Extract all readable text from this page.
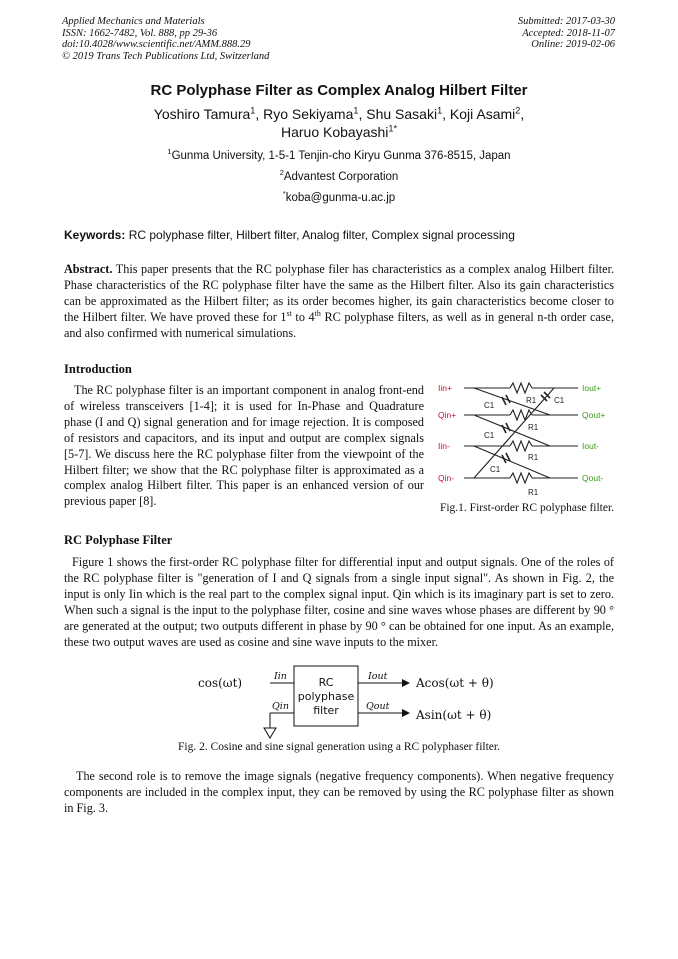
Applied Mechanics and Materials
ISSN: 1662-7482, Vol. 888, pp 29-36
doi:10.4028/www.scientific.net/AMM.888.29
© 2019 Trans Tech Publications Ltd, Switzerland
Submitted: 2017-03-30
Accepted: 2018-11-07
Online: 2019-02-06
RC Polyphase Filter as Complex Analog Hilbert Filter
Yoshiro Tamura$^1$, Ryo Sekiyama$^1$, Shu Sasaki$^1$, Koji Asami$^2$,
Haruo Kobayashi$^{1*}$
$^1$Gunma University, 1-5-1 Tenjin-cho Kiryu Gunma 376-8515, Japan
$^2$Advantest Corporation
*koba@gunma-u.ac.jp
Keywords: RC polyphase filter, Hilbert filter, Analog filter, Complex signal processing
Abstract. This paper presents that the RC polyphase filer has characteristics as a complex analog Hilbert filter. Phase characteristics of the RC polyphase filter have the same as the Hilbert filter. Also its gain characteristics can be approximated as the Hilbert filter; as its order becomes higher, its gain characteristics become closer to the Hilbert filter. We have proved these for 1st to 4th RC polyphase filters, as well as in general n-th order case, and also confirmed with numerical simulations.
Introduction
The RC polyphase filter is an important component in analog front-end of wireless transceivers [1-4]; it is used for In-Phase and Quadrature phase (I and Q) signal generation and for image rejection. It is composed of resistors and capacitors, and its input and output are complex signals [5-7]. We discuss here the RC polyphase filter from the viewpoint of the Hilbert filter; we show that the RC polyphase filter is approximated as a complex analog Hilbert filter. This paper is an enhanced version of our previous paper [8].
Iin+
Qin+
Iin-
Qin-
Iout+
Qout+
Iout-
Qout-
C1
C1
C1
C1
R1
R1
R1
R1
Fig.1. First-order RC polyphase filter.
RC Polyphase Filter
Figure 1 shows the first-order RC polyphase filter for differential input and output signals. One of the roles of the RC polyphase filter is "generation of I and Q signals from a single input signal". As shown in Fig. 2, the input is only Iin which is the real part to the complex signal input. Qin which is its imaginary part is set to zero. When such a signal is the input to the polyphase filter, cosine and sine waves whose phases are different by 90 ° are generated at the output; two outputs different in phase by 90 ° can be obtained for one input. As an example, these two output waves are used as cosine and sine wave inputs to the mixer.
cos(ωt)	Iin
Qin
Iout
Qout
Acos(ωt + θ)
Asin(ωt + θ)
RC
polyphase
filter
Fig. 2. Cosine and sine signal generation using a RC polyphaser filter.
The second role is to remove the image signals (negative frequency components). When negative frequency components are included in the complex input, they can be removed by using the RC polyphase filter as shown in Fig. 3.
